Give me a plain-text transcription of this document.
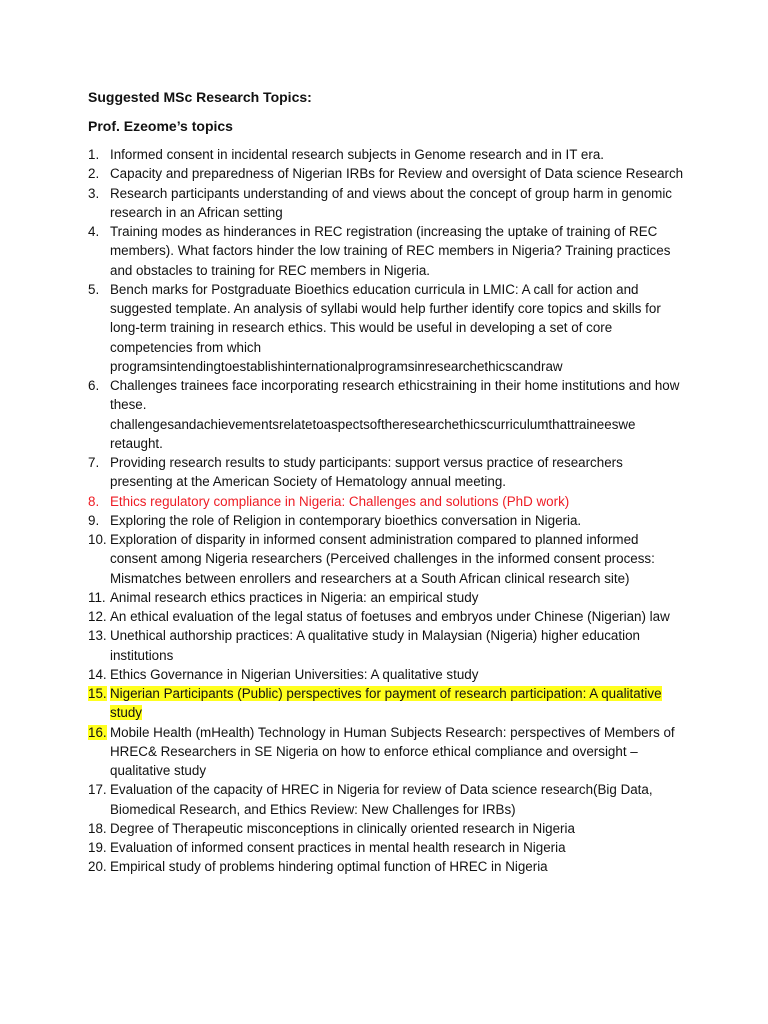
Suggested MSc Research Topics:
Prof. Ezeome’s topics
1. Informed consent in incidental research subjects in Genome research and in IT era.
2. Capacity and preparedness of Nigerian IRBs for Review and oversight of Data science Research
3. Research participants understanding of and views about the concept of group harm in genomic research in an African setting
4. Training modes as hinderances in REC registration (increasing the uptake of training of REC members). What factors hinder the low training of REC members in Nigeria? Training practices and obstacles to training for REC members in Nigeria.
5. Bench marks for Postgraduate Bioethics education curricula in LMIC: A call for action and suggested template. An analysis of syllabi would help further identify core topics and skills for long-term training in research ethics. This would be useful in developing a set of core competencies from which
programsintendingtoestablishinternationalprogramsinresearchethicscandraw
6. Challenges trainees face incorporating research ethicstraining in their home institutions and how these.
challengesandachievementsrelatetoaspectsoftheresearchethicscurriculumthattraineeswe retaught.
7. Providing research results to study participants: support versus practice of researchers presenting at the American Society of Hematology annual meeting.
8. Ethics regulatory compliance in Nigeria: Challenges and solutions (PhD work)
9. Exploring the role of Religion in contemporary bioethics conversation in Nigeria.
10. Exploration of disparity in informed consent administration compared to planned informed consent among Nigeria researchers (Perceived challenges in the informed consent process: Mismatches between enrollers and researchers at a South African clinical research site)
11. Animal research ethics practices in Nigeria: an empirical study
12. An ethical evaluation of the legal status of foetuses and embryos under Chinese (Nigerian) law
13. Unethical authorship practices: A qualitative study in Malaysian (Nigeria) higher education institutions
14. Ethics Governance in Nigerian Universities: A qualitative study
15. Nigerian Participants (Public) perspectives for payment of research participation: A qualitative study
16. Mobile Health (mHealth) Technology in Human Subjects Research: perspectives of Members of HREC& Researchers in SE Nigeria on how to enforce ethical compliance and oversight – qualitative study
17. Evaluation of the capacity of HREC in Nigeria for review of Data science research(Big Data, Biomedical Research, and Ethics Review: New Challenges for IRBs)
18. Degree of Therapeutic misconceptions in clinically oriented research in Nigeria
19. Evaluation of informed consent practices in mental health research in Nigeria
20. Empirical study of problems hindering optimal function of HREC in Nigeria
